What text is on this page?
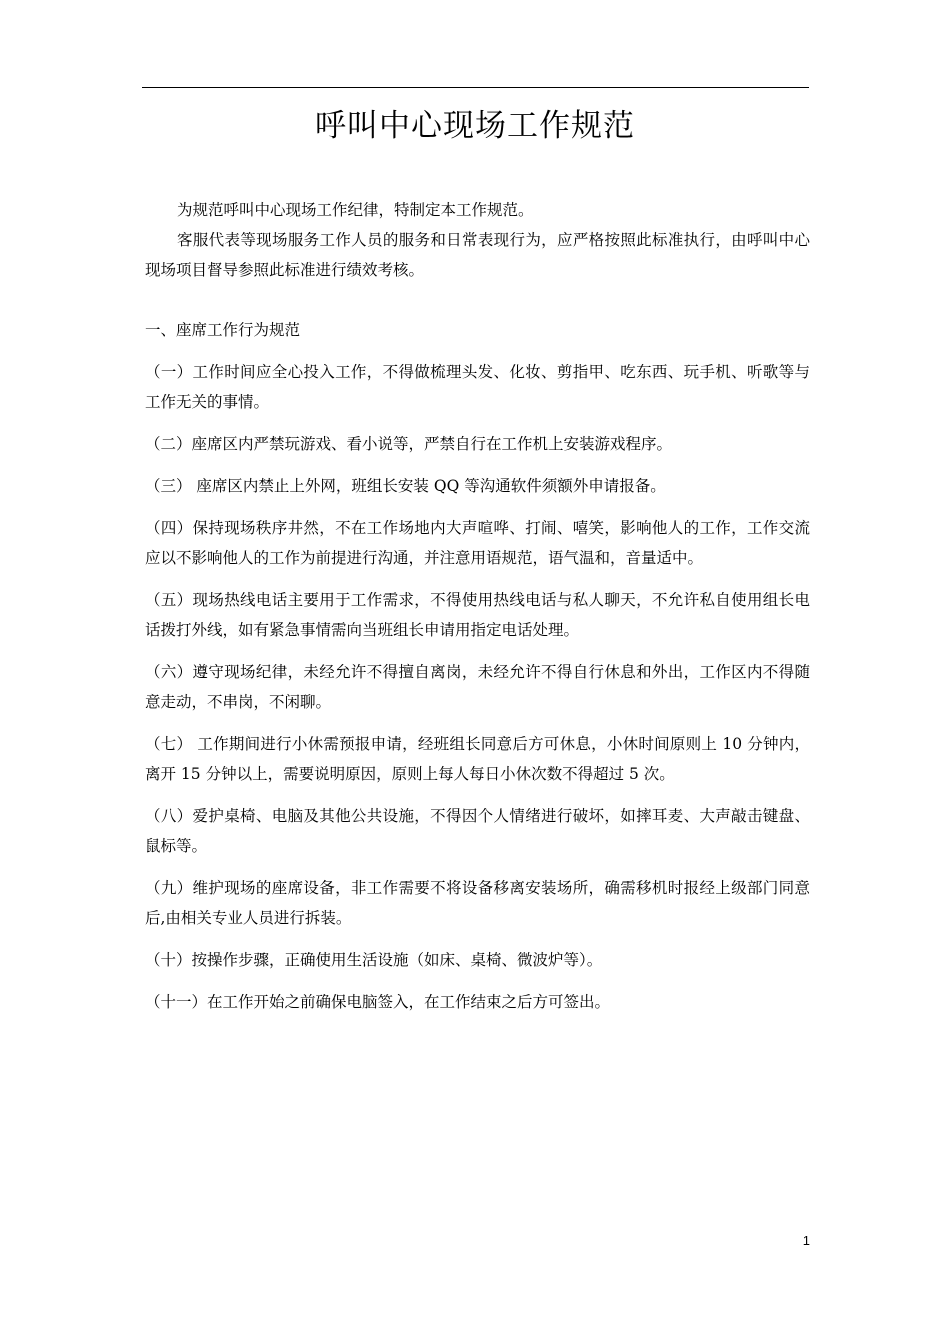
呼叫中心现场工作规范

为规范呼叫中心现场工作纪律，特制定本工作规范。

客服代表等现场服务工作人员的服务和日常表现行为，应严格按照此标准执行，由呼叫中心现场项目督导参照此标准进行绩效考核。

一、座席工作行为规范

（一）工作时间应全心投入工作，不得做梳理头发、化妆、剪指甲、吃东西、玩手机、听歌等与工作无关的事情。

（二）座席区内严禁玩游戏、看小说等，严禁自行在工作机上安装游戏程序。

（三） 座席区内禁止上外网，班组长安装 QQ 等沟通软件须额外申请报备。

（四）保持现场秩序井然，不在工作场地内大声喧哗、打闹、嘻笑，影响他人的工作，工作交流应以不影响他人的工作为前提进行沟通，并注意用语规范，语气温和，音量适中。

（五）现场热线电话主要用于工作需求，不得使用热线电话与私人聊天，不允许私自使用组长电话拨打外线，如有紧急事情需向当班组长申请用指定电话处理。

（六）遵守现场纪律，未经允许不得擅自离岗，未经允许不得自行休息和外出，工作区内不得随意走动，不串岗，不闲聊。

（七） 工作期间进行小休需预报申请，经班组长同意后方可休息，小休时间原则上 10 分钟内，离开 15 分钟以上，需要说明原因，原则上每人每日小休次数不得超过 5 次。

（八）爱护桌椅、电脑及其他公共设施，不得因个人情绪进行破坏，如摔耳麦、大声敲击键盘、鼠标等。

（九）维护现场的座席设备，非工作需要不将设备移离安装场所，确需移机时报经上级部门同意后,由相关专业人员进行拆装。

（十）按操作步骤，正确使用生活设施（如床、桌椅、微波炉等）。

（十一）在工作开始之前确保电脑签入，在工作结束之后方可签出。

1
